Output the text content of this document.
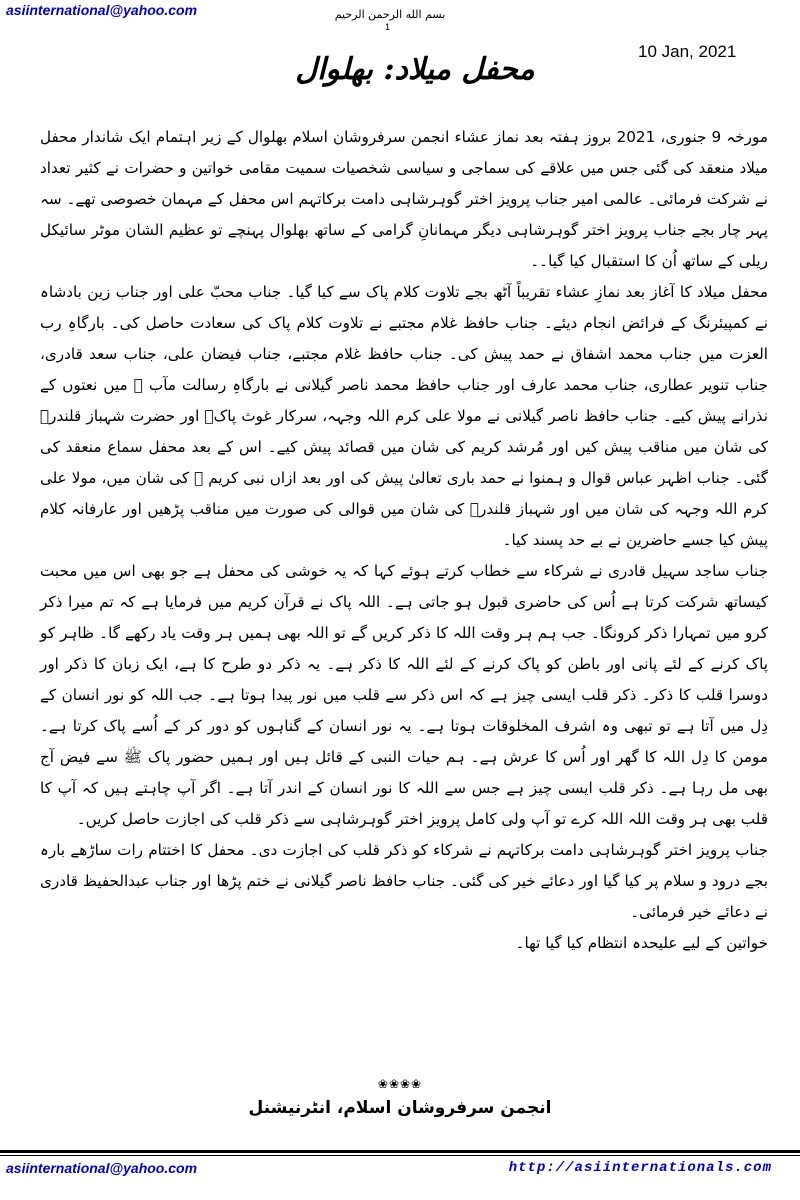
asiinternational@yahoo.com	بسم الله الرحمن الرحیم
1
10 Jan, 2021
محفل میلاد: بھلوال

مورخہ 9 جنوری، 2021 بروز ہفتہ بعد نماز عشاء انجمن سرفروشان اسلام بھلوال کے زیر اہتمام ایک شاندار محفل میلاد منعقد کی گئی جس میں علاقے کی سماجی و سیاسی شخصیات سمیت مقامی خواتین و حضرات نے کثیر تعداد نے شرکت فرمائی۔ عالمی امیر جناب پرویز اختر گوہرشاہی دامت برکاتہم اس محفل کے مہمان خصوصی تھے۔ سہ پہر چار بجے جناب پرویز اختر گوہرشاہی دیگر مہمانانِ گرامی کے ساتھ بھلوال پہنچے تو عظیم الشان موٹر سائیکل ریلی کے ساتھ اُن کا استقبال کیا گیا۔۔

محفل میلاد کا آغاز بعد نمازِ عشاء تقریباً آٹھ بجے تلاوت کلام پاک سے کیا گیا۔ جناب محبّ علی اور جناب زین بادشاہ نے کمپیئرنگ کے فرائض انجام دیئے۔ جناب حافظ غلام مجتبے نے تلاوت کلام پاک کی سعادت حاصل کی۔ بارگاہِ رب العزت میں جناب محمد اشفاق نے حمد پیش کی۔ جناب حافظ غلام مجتبے، جناب فیضان علی، جناب سعد قادری، جناب تنویر عطاری، جناب محمد عارف اور جناب حافظ محمد ناصر گیلانی نے بارگاہِ رسالت مآب ﷺ میں نعتوں کے نذرانے پیش کیے۔ جناب حافظ ناصر گیلانی نے مولا علی کرم اللہ وجہہ، سرکار غوث پاکؓ اور حضرت شہباز قلندرؒ کی شان میں مناقب پیش کیں اور مُرشد کریم کی شان میں قصائد پیش کیے۔ اس کے بعد محفل سماع منعقد کی گئی۔ جناب اظہر عباس قوال و ہمنوا نے حمد باری تعالیٰ پیش کی اور بعد ازاں نبی کریم ﷺ کی شان میں، مولا علی کرم اللہ وجہہ کی شان میں اور شہباز قلندرؒ کی شان میں قوالی کی صورت میں مناقب پڑھیں اور عارفانہ کلام پیش کیا جسے حاضرین نے بے حد پسند کیا۔

جناب ساجد سہیل قادری نے شرکاء سے خطاب کرتے ہوئے کہا کہ یہ خوشی کی محفل ہے جو بھی اس میں محبت کیساتھ شرکت کرتا ہے اُس کی حاضری قبول ہو جاتی ہے۔ اللہ پاک نے قرآن کریم میں فرمایا ہے کہ تم میرا ذکر کرو میں تمہارا ذکر کرونگا۔ جب ہم ہر وقت اللہ کا ذکر کریں گے تو اللہ بھی ہمیں ہر وقت یاد رکھے گا۔ ظاہر کو پاک کرنے کے لئے پانی اور باطن کو پاک کرنے کے لئے اللہ کا ذکر ہے۔ یہ ذکر دو طرح کا ہے، ایک زبان کا ذکر اور دوسرا قلب کا ذکر۔ ذکر قلب ایسی چیز ہے کہ اس ذکر سے قلب میں نور پیدا ہوتا ہے۔ جب اللہ کو نور انسان کے دِل میں آتا ہے تو تبھی وہ اشرف المخلوقات ہوتا ہے۔ یہ نور انسان کے گناہوں کو دور کر کے اُسے پاک کرتا ہے۔ مومن کا دِل اللہ کا گھر اور اُس کا عرش ہے۔ ہم حیات النبی کے قائل ہیں اور ہمیں حضور پاک ﷺ سے فیض آج بھی مل رہا ہے۔ ذکر قلب ایسی چیز ہے جس سے اللہ کا نور انسان کے اندر آتا ہے۔ اگر آپ چاہتے ہیں کہ آپ کا قلب بھی ہر وقت اللہ اللہ کرے تو آپ ولی کامل پرویز اختر گوہرشاہی سے ذکر قلب کی اجازت حاصل کریں۔

جناب پرویز اختر گوہرشاہی دامت برکاتہم نے شرکاء کو ذکر قلب کی اجازت دی۔ محفل کا اختتام رات ساڑھے بارہ بجے درود و سلام پر کیا گیا اور دعائے خیر کی گئی۔ جناب حافظ ناصر گیلانی نے ختم پڑھا اور جناب عبدالحفیظ قادری نے دعائے خیر فرمائی۔

خواتین کے لیے علیحدہ انتظام کیا گیا تھا۔

❀❀❀❀
انجمن سرفروشان اسلام، انٹرنیشنل
asiinternational@yahoo.com	http://asiinternationals.com
